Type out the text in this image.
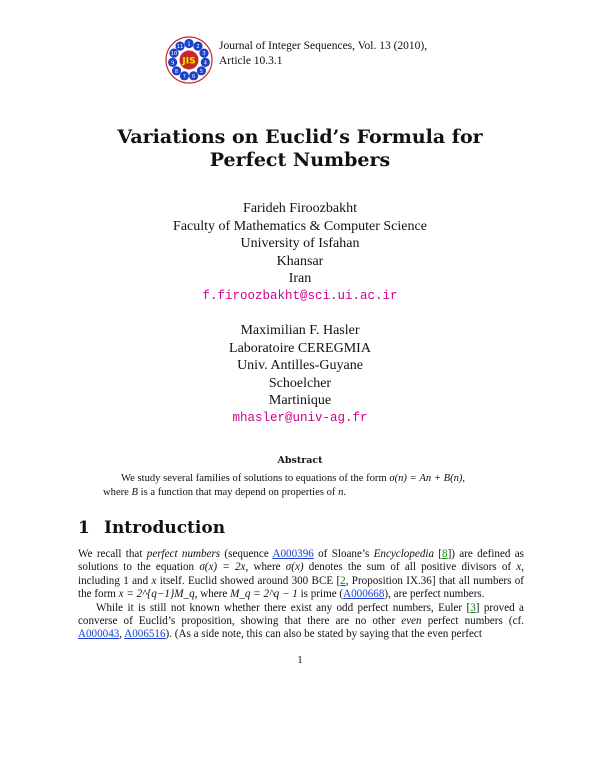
1 2
3
4
5
6
7
8
9
10
11
JIS
Journal of Integer Sequences, Vol. 13 (2010),
Article 10.3.1
Variations on Euclid’s Formula for
Perfect Numbers
Farideh Firoozbakht
Faculty of Mathematics & Computer Science
University of Isfahan
Khansar
Iran
f.firoozbakht@sci.ui.ac.ir
Maximilian F. Hasler
Laboratoire CEREGMIA
Univ. Antilles-Guyane
Schoelcher
Martinique
mhasler@univ-ag.fr
Abstract
We study several families of solutions to equations of the form σ(n) = An + B(n),
where B is a function that may depend on properties of n.
1 Introduction

We recall that perfect numbers (sequence A000396 of Sloane’s Encyclopedia [8]) are defined as solutions to the equation σ(x) = 2x, where σ(x) denotes the sum of all positive divisors of x, including 1 and x itself. Euclid showed around 300 BCE [2, Proposition IX.36] that all numbers of the form x = 2^{q−1}M_q, where M_q = 2^q − 1 is prime (A000668), are perfect numbers.

While it is still not known whether there exist any odd perfect numbers, Euler [3] proved a converse of Euclid’s proposition, showing that there are no other even perfect numbers (cf. A000043, A006516). (As a side note, this can also be stated by saying that the even perfect

1
